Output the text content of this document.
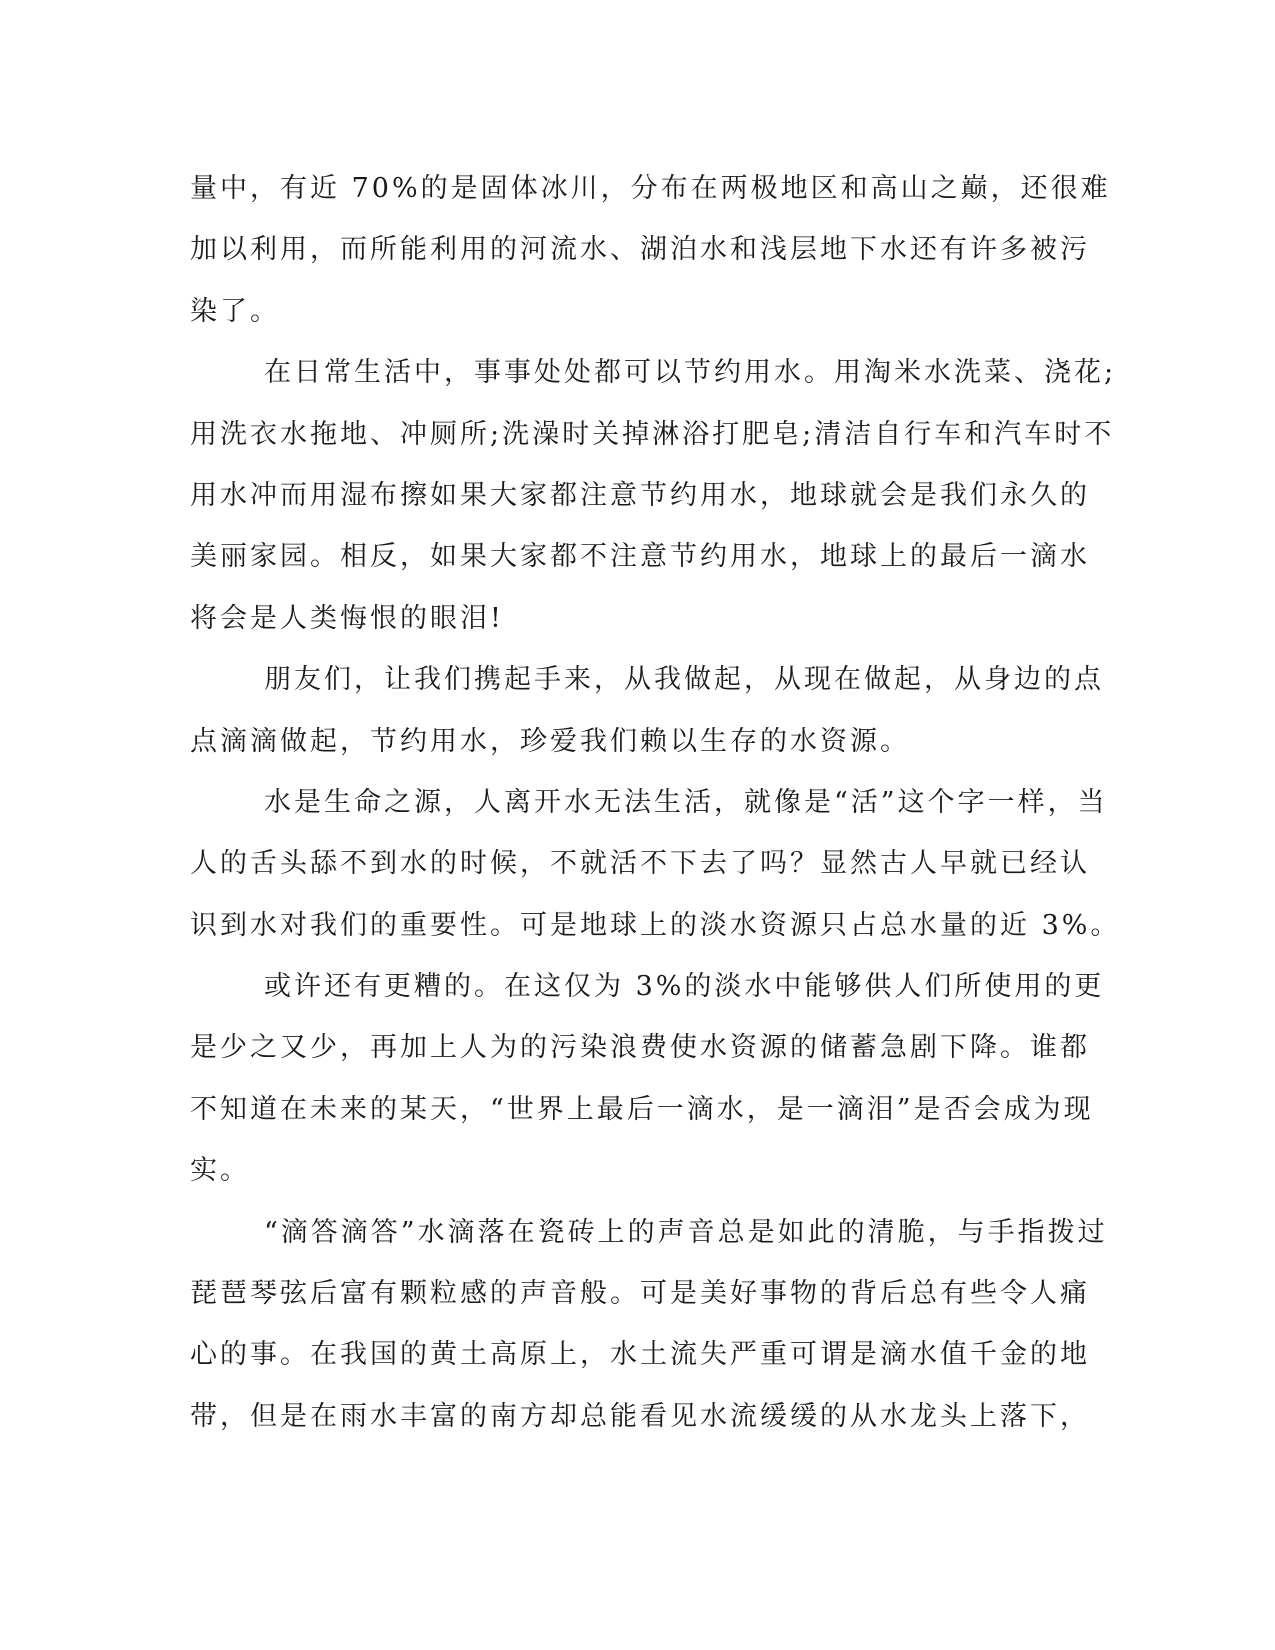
量中，有近 70%的是固体冰川，分布在两极地区和高山之巅，还很难
加以利用，而所能利用的河流水、湖泊水和浅层地下水还有许多被污
染了。
在日常生活中，事事处处都可以节约用水。用淘米水洗菜、浇花;
用洗衣水拖地、冲厕所;洗澡时关掉淋浴打肥皂;清洁自行车和汽车时不
用水冲而用湿布擦如果大家都注意节约用水，地球就会是我们永久的
美丽家园。相反，如果大家都不注意节约用水，地球上的最后一滴水
将会是人类悔恨的眼泪!
朋友们，让我们携起手来，从我做起，从现在做起，从身边的点
点滴滴做起，节约用水，珍爱我们赖以生存的水资源。
水是生命之源，人离开水无法生活，就像是“活”这个字一样，当
人的舌头舔不到水的时候，不就活不下去了吗？显然古人早就已经认
识到水对我们的重要性。可是地球上的淡水资源只占总水量的近 3%。
或许还有更糟的。在这仅为 3%的淡水中能够供人们所使用的更
是少之又少，再加上人为的污染浪费使水资源的储蓄急剧下降。谁都
不知道在未来的某天，“世界上最后一滴水，是一滴泪”是否会成为现
实。
“滴答滴答”水滴落在瓷砖上的声音总是如此的清脆，与手指拨过
琵琶琴弦后富有颗粒感的声音般。可是美好事物的背后总有些令人痛
心的事。在我国的黄土高原上，水土流失严重可谓是滴水值千金的地
带，但是在雨水丰富的南方却总能看见水流缓缓的从水龙头上落下，
